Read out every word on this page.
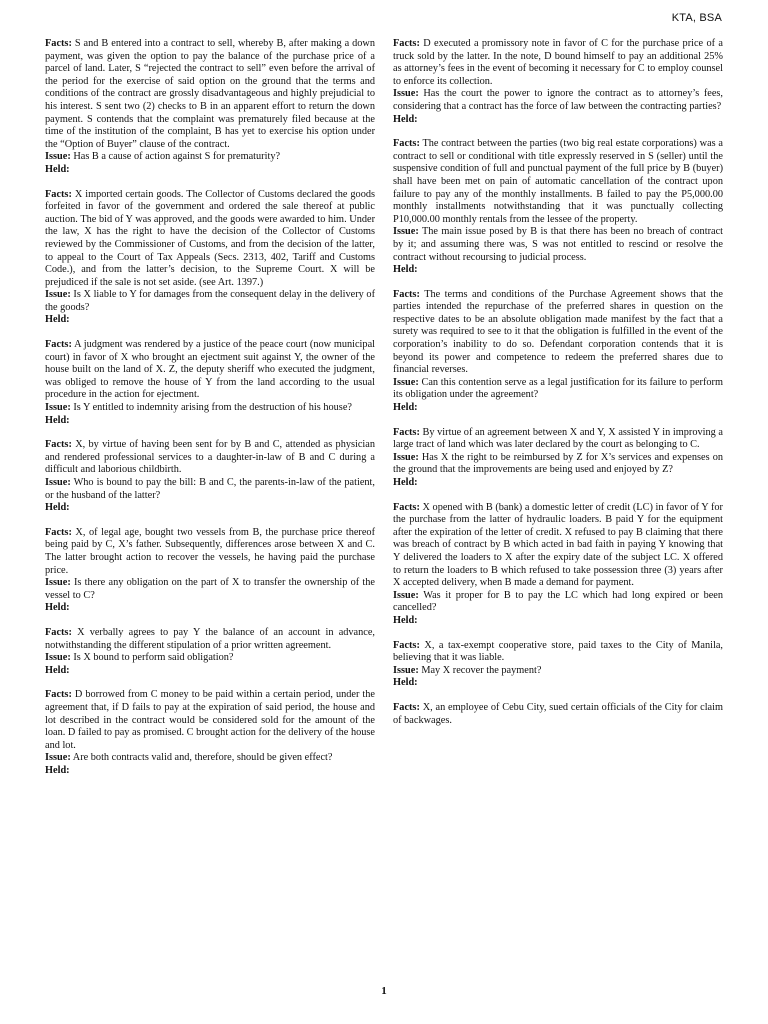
KTA, BSA

Facts: S and B entered into a contract to sell, whereby B, after making a down payment, was given the option to pay the balance of the purchase price of a parcel of land. Later, S “rejected the contract to sell” even before the arrival of the period for the exercise of said option on the ground that the terms and conditions of the contract are grossly disadvantageous and highly prejudicial to his interest. S sent two (2) checks to B in an apparent effort to return the down payment. S contends that the complaint was prematurely filed because at the time of the institution of the complaint, B has yet to exercise his option under the “Option of Buyer” clause of the contract.

Issue: Has B a cause of action against S for prematurity?

Held:

Facts: X imported certain goods. The Collector of Customs declared the goods forfeited in favor of the government and ordered the sale thereof at public auction. The bid of Y was approved, and the goods were awarded to him. Under the law, X has the right to have the decision of the Collector of Customs reviewed by the Commissioner of Customs, and from the decision of the latter, to appeal to the Court of Tax Appeals (Secs. 2313, 402, Tariff and Customs Code.), and from the latter’s decision, to the Supreme Court. X will be prejudiced if the sale is not set aside. (see Art. 1397.)

Issue: Is X liable to Y for damages from the consequent delay in the delivery of the goods?

Held:

Facts: A judgment was rendered by a justice of the peace court (now municipal court) in favor of X who brought an ejectment suit against Y, the owner of the house built on the land of X. Z, the deputy sheriff who executed the judgment, was obliged to remove the house of Y from the land according to the usual procedure in the action for ejectment.

Issue: Is Y entitled to indemnity arising from the destruction of his house?

Held:

Facts: X, by virtue of having been sent for by B and C, attended as physician and rendered professional services to a daughter-in-law of B and C during a difficult and laborious childbirth.

Issue: Who is bound to pay the bill: B and C, the parents-in-law of the patient, or the husband of the latter?

Held:

Facts: X, of legal age, bought two vessels from B, the purchase price thereof being paid by C, X’s father. Subsequently, differences arose between X and C. The latter brought action to recover the vessels, he having paid the purchase price.

Issue: Is there any obligation on the part of X to transfer the ownership of the vessel to C?

Held:

Facts: X verbally agrees to pay Y the balance of an account in advance, notwithstanding the different stipulation of a prior written agreement.

Issue: Is X bound to perform said obligation?

Held:

Facts: D borrowed from C money to be paid within a certain period, under the agreement that, if D fails to pay at the expiration of said period, the house and lot described in the contract would be considered sold for the amount of the loan. D failed to pay as promised. C brought action for the delivery of the house and lot.

Issue: Are both contracts valid and, therefore, should be given effect?

Held:

Facts: D executed a promissory note in favor of C for the purchase price of a truck sold by the latter. In the note, D bound himself to pay an additional 25% as attorney’s fees in the event of becoming it necessary for C to employ counsel to enforce its collection.

Issue: Has the court the power to ignore the contract as to attorney’s fees, considering that a contract has the force of law between the contracting parties?

Held:

Facts: The contract between the parties (two big real estate corporations) was a contract to sell or conditional with title expressly reserved in S (seller) until the suspensive condition of full and punctual payment of the full price by B (buyer) shall have been met on pain of automatic cancellation of the contract upon failure to pay any of the monthly installments. B failed to pay the P5,000.00 monthly installments notwithstanding that it was punctually collecting P10,000.00 monthly rentals from the lessee of the property.

Issue: The main issue posed by B is that there has been no breach of contract by it; and assuming there was, S was not entitled to rescind or resolve the contract without recoursing to judicial process.

Held:

Facts: The terms and conditions of the Purchase Agreement shows that the parties intended the repurchase of the preferred shares in question on the respective dates to be an absolute obligation made manifest by the fact that a surety was required to see to it that the obligation is fulfilled in the event of the corporation’s inability to do so. Defendant corporation contends that it is beyond its power and competence to redeem the preferred shares due to financial reverses.

Issue: Can this contention serve as a legal justification for its failure to perform its obligation under the agreement?

Held:

Facts: By virtue of an agreement between X and Y, X assisted Y in improving a large tract of land which was later declared by the court as belonging to C.

Issue: Has X the right to be reimbursed by Z for X’s services and expenses on the ground that the improvements are being used and enjoyed by Z?

Held:

Facts: X opened with B (bank) a domestic letter of credit (LC) in favor of Y for the purchase from the latter of hydraulic loaders. B paid Y for the equipment after the expiration of the letter of credit. X refused to pay B claiming that there was breach of contract by B which acted in bad faith in paying Y knowing that Y delivered the loaders to X after the expiry date of the subject LC. X offered to return the loaders to B which refused to take possession three (3) years after X accepted delivery, when B made a demand for payment.

Issue: Was it proper for B to pay the LC which had long expired or been cancelled?

Held:

Facts: X, a tax-exempt cooperative store, paid taxes to the City of Manila, believing that it was liable.

Issue: May X recover the payment?

Held:

Facts: X, an employee of Cebu City, sued certain officials of the City for claim of backwages.

1
